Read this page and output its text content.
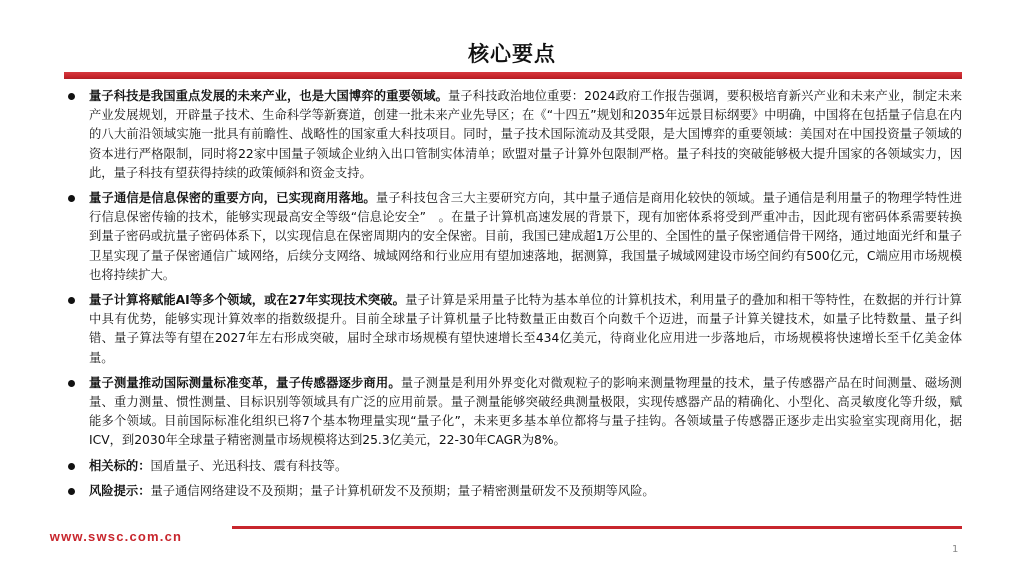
核心要点
量子科技是我国重点发展的未来产业，也是大国博弈的重要领域。量子科技政治地位重要：2024政府工作报告强调，要积极培育新兴产业和未来产业，制定未来产业发展规划，开辟量子技术、生命科学等新赛道，创建一批未来产业先导区；在《“十四五”规划和2035年远景目标纲要》中明确，中国将在包括量子信息在内的八大前沿领域实施一批具有前瞻性、战略性的国家重大科技项目。同时，量子技术国际流动及其受限，是大国博弈的重要领域：美国对在中国投资量子领域的资本进行严格限制，同时将22家中国量子领域企业纳入出口管制实体清单；欧盟对量子计算外包限制严格。量子科技的突破能够极大提升国家的各领域实力，因此，量子科技有望获得持续的政策倾斜和资金支持。
量子通信是信息保密的重要方向，已实现商用落地。量子科技包含三大主要研究方向，其中量子通信是商用化较快的领域。量子通信是利用量子的物理学特性进行信息保密传输的技术，能够实现最高安全等级“信息论安全”　。在量子计算机高速发展的背景下，现有加密体系将受到严重冲击，因此现有密码体系需要转换到量子密码或抗量子密码体系下，以实现信息在保密周期内的安全保密。目前，我国已建成超1万公里的、全国性的量子保密通信骨干网络，通过地面光纤和量子卫星实现了量子保密通信广域网络，后续分支网络、城域网络和行业应用有望加速落地，据测算，我国量子城域网建设市场空间约有500亿元，C端应用市场规模也将持续扩大。
量子计算将赋能AI等多个领域，或在27年实现技术突破。量子计算是采用量子比特为基本单位的计算机技术，利用量子的叠加和相干等特性，在数据的并行计算中具有优势，能够实现计算效率的指数级提升。目前全球量子计算机量子比特数量正由数百个向数千个迈进，而量子计算关键技术，如量子比特数量、量子纠错、量子算法等有望在2027年左右形成突破，届时全球市场规模有望快速增长至434亿美元，待商业化应用进一步落地后，市场规模将快速增长至千亿美金体量。
量子测量推动国际测量标准变革，量子传感器逐步商用。量子测量是利用外界变化对微观粒子的影响来测量物理量的技术，量子传感器产品在时间测量、磁场测量、重力测量、惯性测量、目标识别等领域具有广泛的应用前景。量子测量能够突破经典测量极限，实现传感器产品的精确化、小型化、高灵敏度化等升级，赋能多个领域。目前国际标准化组织已将7个基本物理量实现“量子化”，未来更多基本单位都将与量子挂钩。各领域量子传感器正逐步走出实验室实现商用化，据ICV，到2030年全球量子精密测量市场规模将达到25.3亿美元，22-30年CAGR为8%。
相关标的：国盾量子、光迅科技、震有科技等。
风险提示：量子通信网络建设不及预期；量子计算机研发不及预期；量子精密测量研发不及预期等风险。
www.swsc.com.cn
1
